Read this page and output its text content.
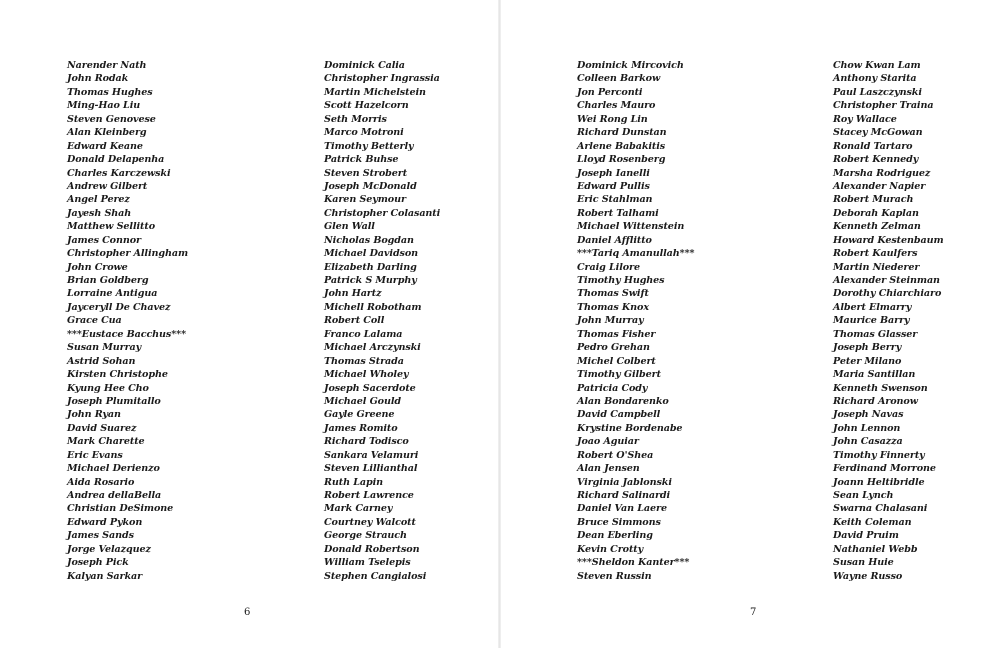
Narender Nath
John Rodak
Thomas Hughes
Ming-Hao Liu
Steven Genovese
Alan Kleinberg
Edward Keane
Donald Delapenha
Charles Karczewski
Andrew Gilbert
Angel Perez
Jayesh Shah
Matthew Sellitto
James Connor
Christopher Allingham
John Crowe
Brian Goldberg
Lorraine Antigua
Jayceryll De Chavez
Grace Cua
***Eustace Bacchus***
Susan Murray
Astrid Sohan
Kirsten Christophe
Kyung Hee Cho
Joseph Plumitallo
John Ryan
David Suarez
Mark Charette
Eric Evans
Michael Derienzo
Aida Rosario
Andrea dellaBella
Christian DeSimone
Edward Pykon
James Sands
Jorge Velazquez
Joseph Pick
Kalyan Sarkar
Dominick Calia
Christopher Ingrassia
Martin Michelstein
Scott Hazelcorn
Seth Morris
Marco Motroni
Timothy Betterly
Patrick Buhse
Steven Strobert
Joseph McDonald
Karen Seymour
Christopher Colasanti
Glen Wall
Nicholas Bogdan
Michael Davidson
Elizabeth Darling
Patrick S Murphy
John Hartz
Michell Robotham
Robert Coll
Franco Lalama
Michael Arczynski
Thomas Strada
Michael Wholey
Joseph Sacerdote
Michael Gould
Gayle Greene
James Romito
Richard Todisco
Sankara Velamuri
Steven Lillianthal
Ruth Lapin
Robert Lawrence
Mark Carney
Courtney Walcott
George Strauch
Donald Robertson
William Tselepis
Stephen Cangialosi
6
Dominick Mircovich
Colleen Barkow
Jon Perconti
Charles Mauro
Wei Rong Lin
Richard Dunstan
Arlene Babakitis
Lloyd Rosenberg
Joseph Ianelli
Edward Pullis
Eric Stahlman
Robert Talhami
Michael Wittenstein
Daniel Afflitto
***Tariq Amanullah***
Craig Lilore
Timothy Hughes
Thomas Swift
Thomas Knox
John Murray
Thomas Fisher
Pedro Grehan
Michel Colbert
Timothy Gilbert
Patricia Cody
Alan Bondarenko
David Campbell
Krystine Bordenabe
Joao Aguiar
Robert O'Shea
Alan Jensen
Virginia Jablonski
Richard Salinardi
Daniel Van Laere
Bruce Simmons
Dean Eberling
Kevin Crotty
***Sheldon Kanter***
Steven Russin
Chow Kwan Lam
Anthony Starita
Paul Laszczynski
Christopher Traina
Roy Wallace
Stacey McGowan
Ronald Tartaro
Robert Kennedy
Marsha Rodriguez
Alexander Napier
Robert Murach
Deborah Kaplan
Kenneth Zelman
Howard Kestenbaum
Robert Kaulfers
Martin Niederer
Alexander Steinman
Dorothy Chiarchiaro
Albert Elmarry
Maurice Barry
Thomas Glasser
Joseph Berry
Peter Milano
Maria Santillan
Kenneth Swenson
Richard Aronow
Joseph Navas
John Lennon
John Casazza
Timothy Finnerty
Ferdinand Morrone
Joann Heltibridle
Sean Lynch
Swarna Chalasani
Keith Coleman
David Pruim
Nathaniel Webb
Susan Huie
Wayne Russo
7
